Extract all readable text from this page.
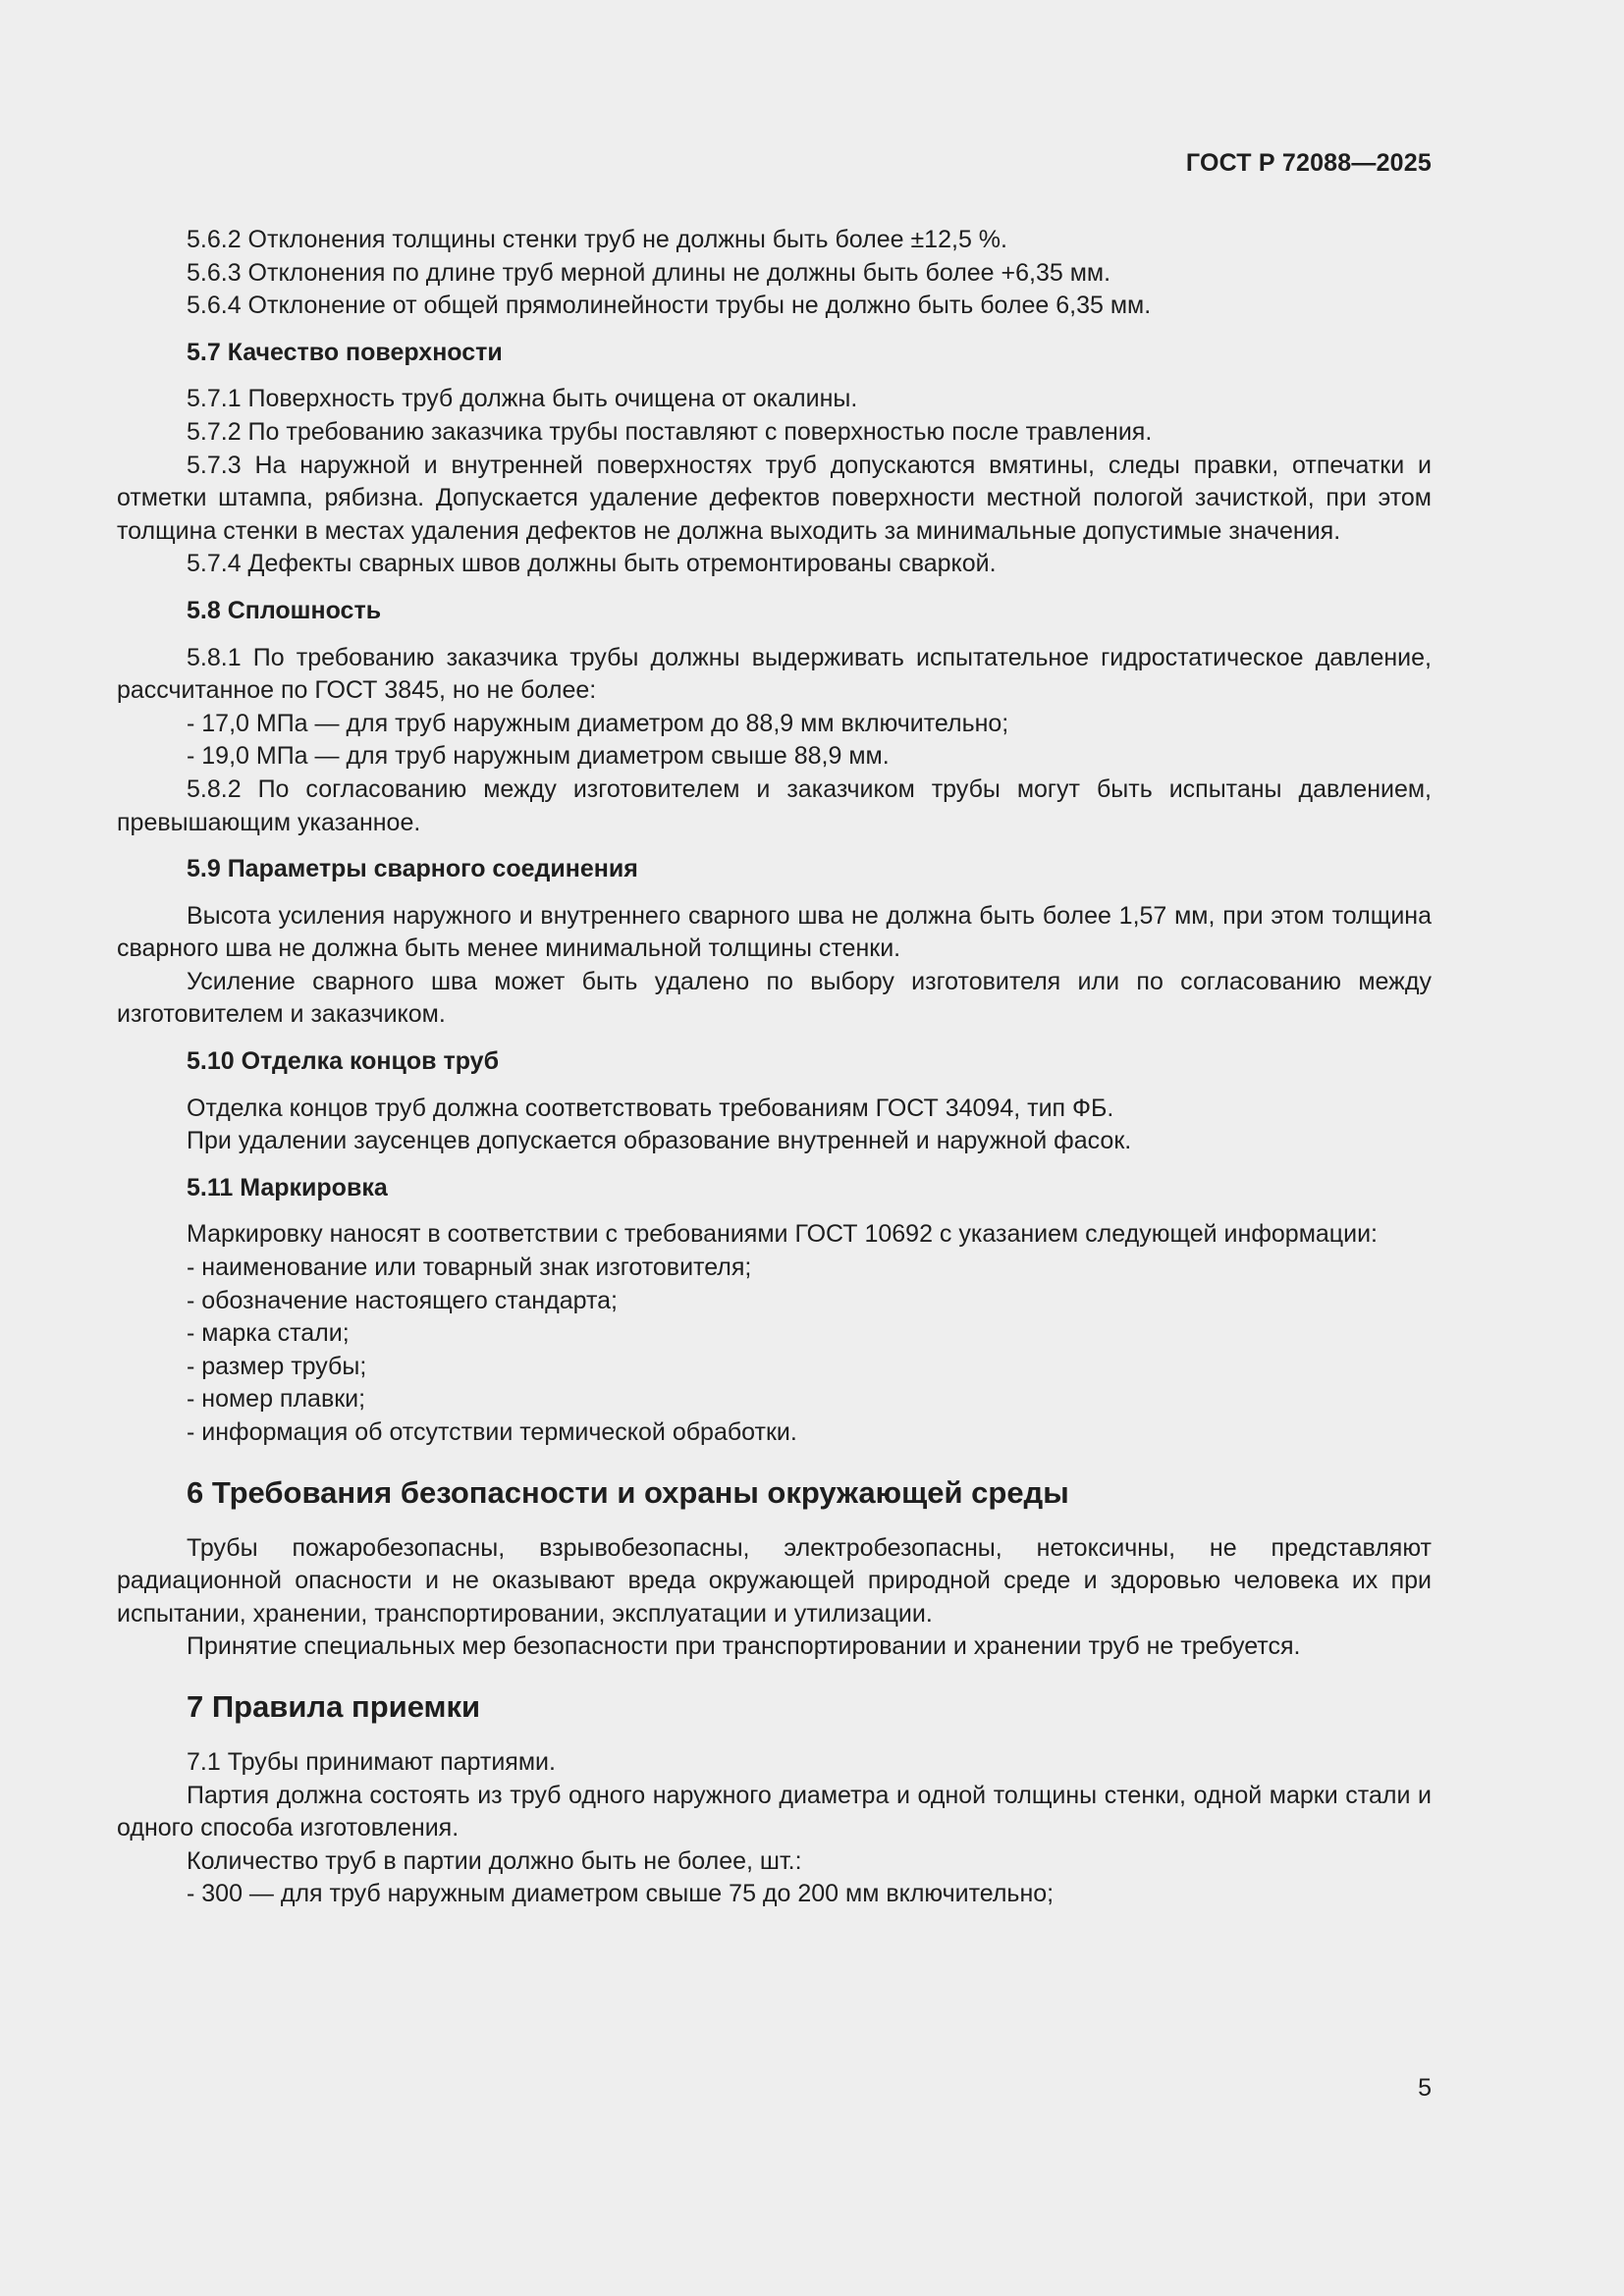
ГОСТ Р 72088—2025

5.6.2 Отклонения толщины стенки труб не должны быть более ±12,5 %.

5.6.3 Отклонения по длине труб мерной длины не должны быть более +6,35 мм.

5.6.4 Отклонение от общей прямолинейности трубы не должно быть более 6,35 мм.

5.7 Качество поверхности

5.7.1 Поверхность труб должна быть очищена от окалины.

5.7.2 По требованию заказчика трубы поставляют с поверхностью после травления.

5.7.3 На наружной и внутренней поверхностях труб допускаются вмятины, следы правки, отпечатки и отметки штампа, рябизна. Допускается удаление дефектов поверхности местной пологой зачисткой, при этом толщина стенки в местах удаления дефектов не должна выходить за минимальные допустимые значения.

5.7.4 Дефекты сварных швов должны быть отремонтированы сваркой.

5.8 Сплошность

5.8.1 По требованию заказчика трубы должны выдерживать испытательное гидростатическое давление, рассчитанное по ГОСТ 3845, но не более:

- 17,0 МПа — для труб наружным диаметром до 88,9 мм включительно;

- 19,0 МПа — для труб наружным диаметром свыше 88,9 мм.

5.8.2 По согласованию между изготовителем и заказчиком трубы могут быть испытаны давлением, превышающим указанное.

5.9 Параметры сварного соединения

Высота усиления наружного и внутреннего сварного шва не должна быть более 1,57 мм, при этом толщина сварного шва не должна быть менее минимальной толщины стенки.

Усиление сварного шва может быть удалено по выбору изготовителя или по согласованию между изготовителем и заказчиком.

5.10 Отделка концов труб

Отделка концов труб должна соответствовать требованиям ГОСТ 34094, тип ФБ.

При удалении заусенцев допускается образование внутренней и наружной фасок.

5.11 Маркировка

Маркировку наносят в соответствии с требованиями ГОСТ 10692 с указанием следующей информации:

- наименование или товарный знак изготовителя;

- обозначение настоящего стандарта;

- марка стали;

- размер трубы;

- номер плавки;

- информация об отсутствии термической обработки.

6 Требования безопасности и охраны окружающей среды

Трубы пожаробезопасны, взрывобезопасны, электробезопасны, нетоксичны, не представляют радиационной опасности и не оказывают вреда окружающей природной среде и здоровью человека их при испытании, хранении, транспортировании, эксплуатации и утилизации.

Принятие специальных мер безопасности при транспортировании и хранении труб не требуется.

7 Правила приемки

7.1 Трубы принимают партиями.

Партия должна состоять из труб одного наружного диаметра и одной толщины стенки, одной марки стали и одного способа изготовления.

Количество труб в партии должно быть не более, шт.:

- 300 — для труб наружным диаметром свыше 75 до 200 мм включительно;

5
